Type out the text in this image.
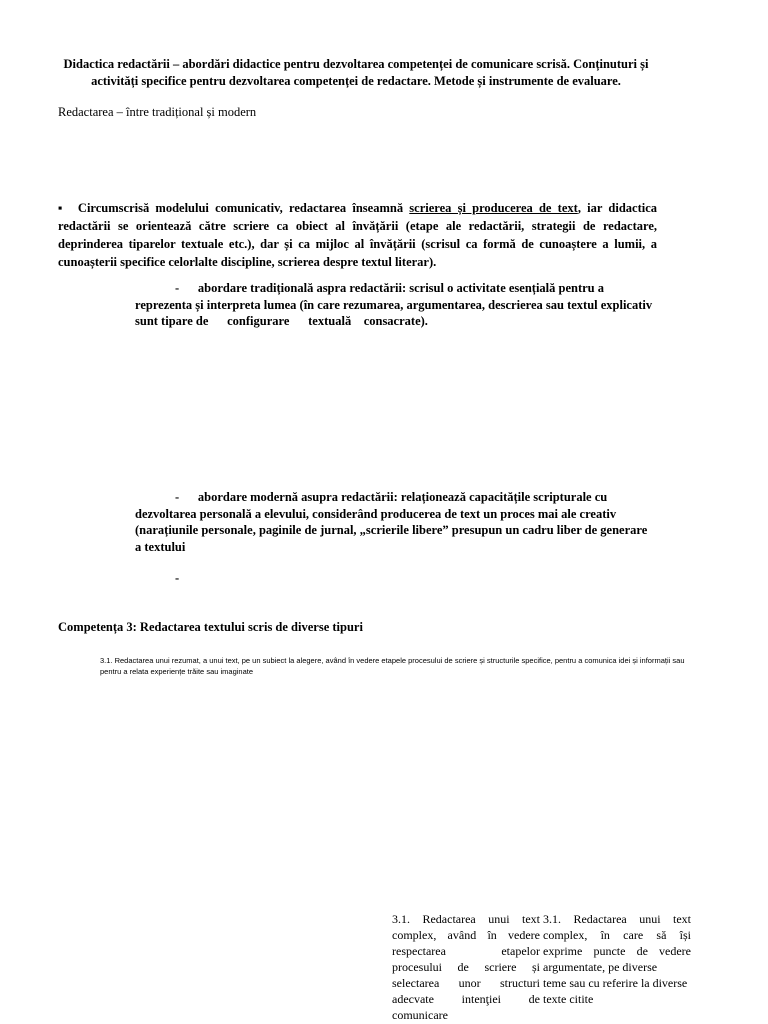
Didactica redactării – abordări didactice pentru dezvoltarea competenței de comunicare scrisă. Conținuturi și activități specifice pentru dezvoltarea competenței de redactare. Metode și instrumente de evaluare.

Redactarea – între tradițional și modern

▪ Circumscrisă modelului comunicativ, redactarea înseamnă scrierea și producerea de text, iar didactica redactării se orientează către scriere ca obiect al învățării (etape ale redactării, strategii de redactare, deprinderea tiparelor textuale etc.), dar și ca mijloc al învățării (scrisul ca formă de cunoaștere a lumii, a cunoașterii specifice celorlalte discipline, scrierea despre textul literar).

- abordare tradițională aspra redactării: scrisul o activitate esențială pentru a
reprezenta și interpreta lumea (în care rezumarea, argumentarea, descrierea sau textul explicativ sunt tipare de      configurare      textuală    consacrate).
- abordare modernă asupra redactării: relaționează capacitățile scripturale cu
dezvoltarea personală a elevului, considerând producerea de text un proces mai ale creativ (narațiunile personale, paginile de jurnal, „scrierile libere” presupun un cadru liber de generare a textului
-

Competența 3: Redactarea textului scris de diverse tipuri

3.1. Redactarea unui rezumat, a unui text, pe un subiect la alegere, având în vedere etapele procesului de scriere și structurile specifice, pentru a comunica idei și informații sau pentru a relata experiențe trăite sau imaginate

3.1. Redactarea unui text complex, având în vedere respectarea etapelor procesului de scriere și selectarea unor structuri adecvate intenţiei de comunicare
3.1. Redactarea unui text complex, în care să își exprime puncte de vedere argumentate, pe diverse
teme sau cu referire la diverse texte citite
